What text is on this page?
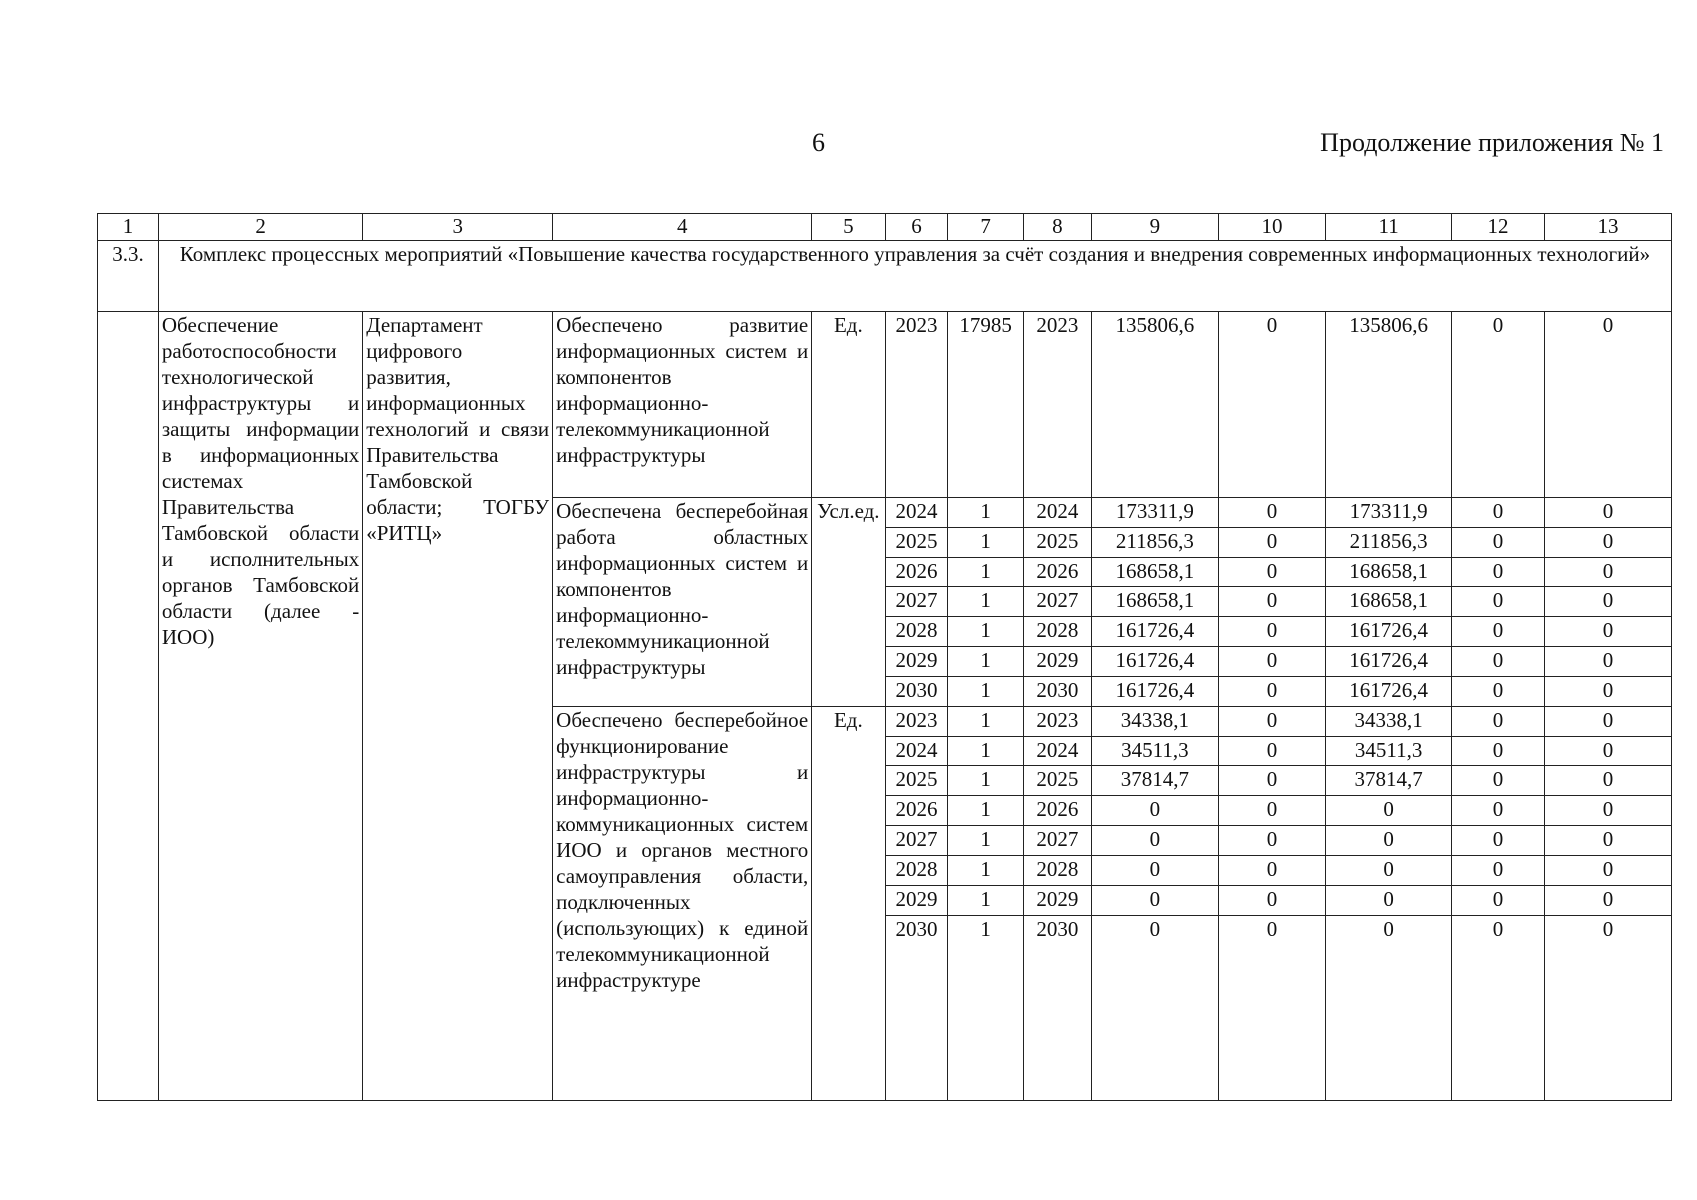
6	Продолжение приложения № 1
1	2	3	4	5	6	7	8	9	10	11	12	13
3.3.	Комплекс процессных мероприятий «Повышение качества государственного управления за счёт создания и внедрения современных информационных технологий»											
	Обеспечение работоспособности технологической инфраструктуры и защиты информации в информационных системах Правительства Тамбовской области и исполнительных органов Тамбовской области (далее - ИОО)	Департамент цифрового развития, информационных технологий и связи Правительства Тамбовской области; ТОГБУ «РИТЦ»	Обеспечено развитие информационных систем и компонентов информационно-телекоммуникационной инфраструктуры	Ед.	2023	17985	2023	135806,6	0	135806,6	0	0
			Обеспечена бесперебойная работа областных информационных систем и компонентов информационно-телекоммуникационной инфраструктуры	Усл.ед.	2024	1	2024	173311,9	0	173311,9	0	0
					2025	1	2025	211856,3	0	211856,3	0	0
					2026	1	2026	168658,1	0	168658,1	0	0
					2027	1	2027	168658,1	0	168658,1	0	0
					2028	1	2028	161726,4	0	161726,4	0	0
					2029	1	2029	161726,4	0	161726,4	0	0
					2030	1	2030	161726,4	0	161726,4	0	0
			Обеспечено бесперебойное функционирование инфраструктуры и информационно-коммуникационных систем ИОО и органов местного самоуправления области, подключенных (использующих) к единой телекоммуникационной инфраструктуре	Ед.	2023	1	2023	34338,1	0	34338,1	0	0
					2024	1	2024	34511,3	0	34511,3	0	0
					2025	1	2025	37814,7	0	37814,7	0	0
					2026	1	2026	0	0	0	0	0
					2027	1	2027	0	0	0	0	0
					2028	1	2028	0	0	0	0	0
					2029	1	2029	0	0	0	0	0
					2030	1	2030	0	0	0	0	0
